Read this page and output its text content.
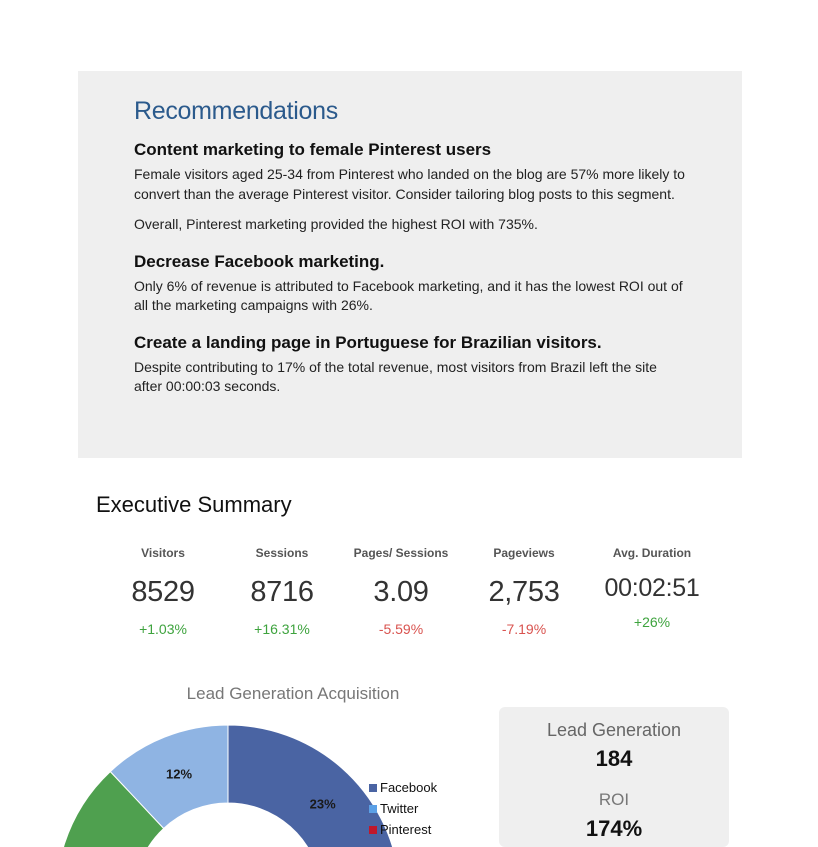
Recommendations
Content marketing to female Pinterest users

Female visitors aged 25-34 from Pinterest who landed on the blog are 57% more likely to convert than the average Pinterest visitor. Consider tailoring blog posts to this segment.

Overall, Pinterest marketing provided the highest ROI with 735%.

Decrease Facebook marketing.

Only 6% of revenue is attributed to Facebook marketing, and it has the lowest ROI out of all the marketing campaigns with 26%.

Create a landing page in Portuguese for Brazilian visitors.

Despite contributing to 17% of the total revenue, most visitors from Brazil left the site after 00:00:03 seconds.

Executive Summary
Visitors
8529
+1.03%
Sessions
8716
+16.31%
Pages/ Sessions
3.09
-5.59%
Pageviews
2,753
-7.19%
Avg. Duration
00:02:51
+26%
Lead Generation Acquisition
23%
12%
Facebook
Twitter
Pinterest
Lead Generation
184
ROI
174%
